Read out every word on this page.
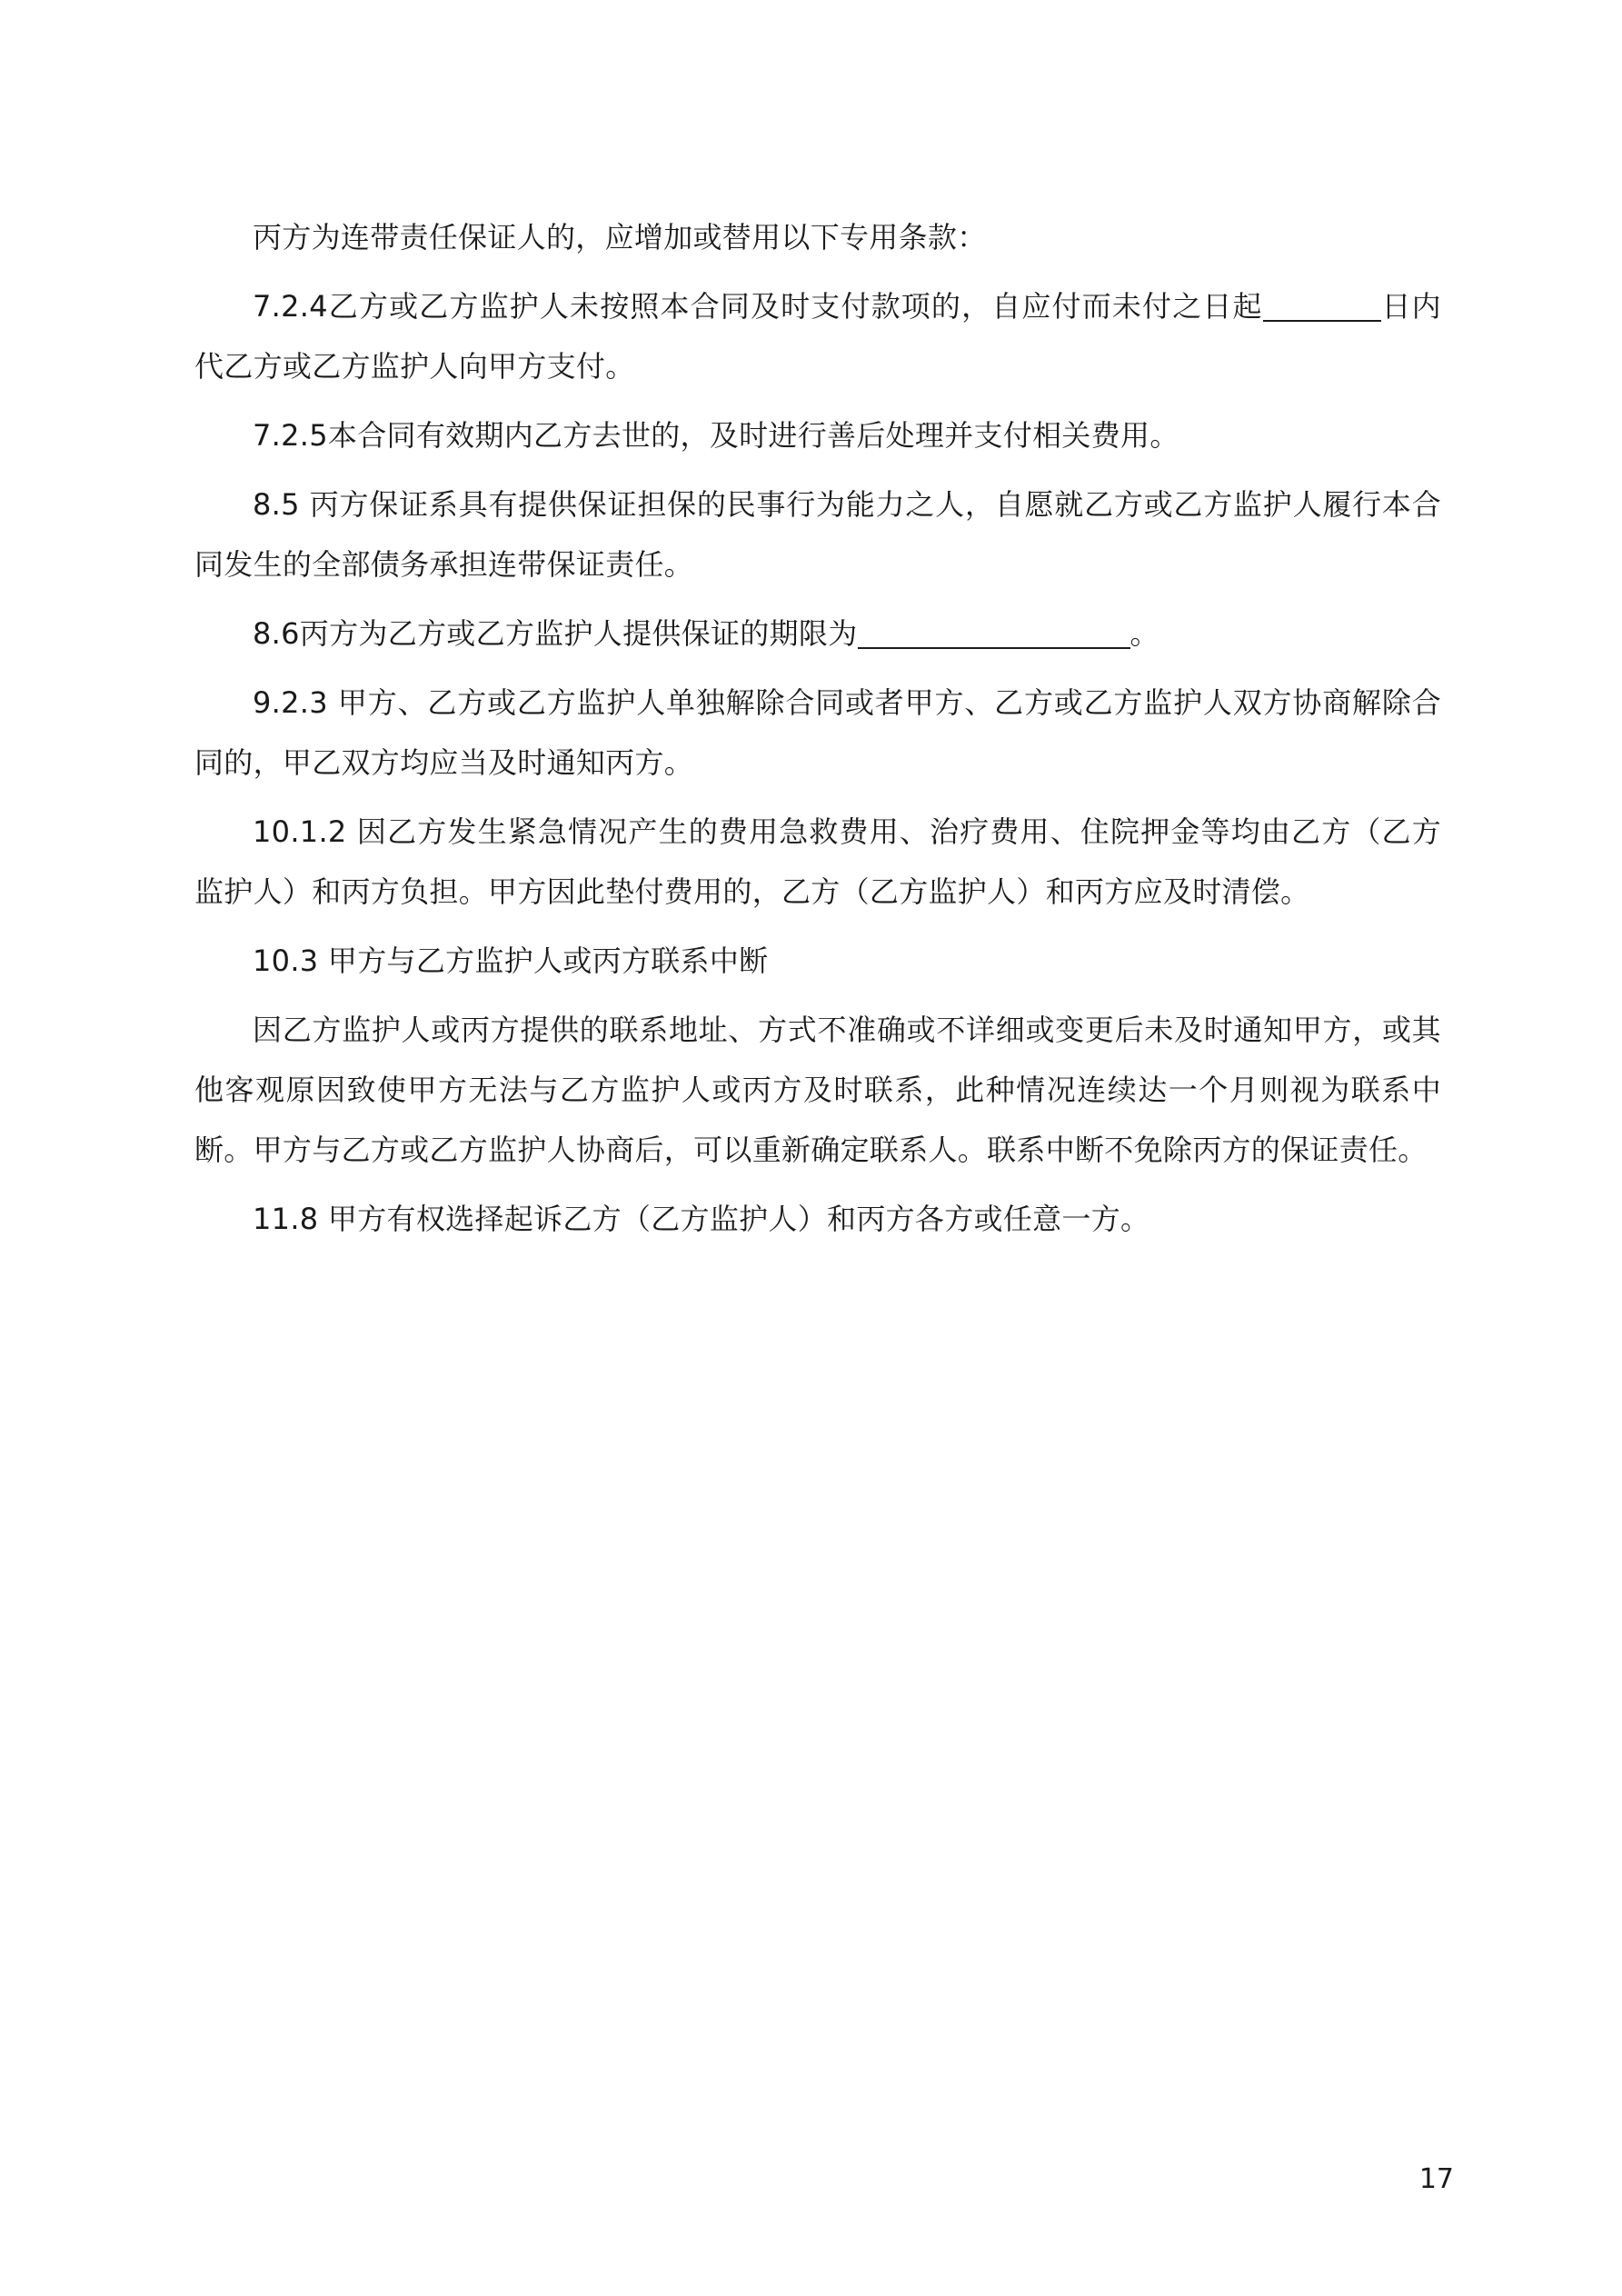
丙方为连带责任保证人的，应增加或替用以下专用条款：

7.2.4乙方或乙方监护人未按照本合同及时支付款项的，自应付而未付之日起	日内代乙方或乙方监护人向甲方支付。

7.2.5本合同有效期内乙方去世的，及时进行善后处理并支付相关费用。

8.5 丙方保证系具有提供保证担保的民事行为能力之人，自愿就乙方或乙方监护人履行本合同发生的全部债务承担连带保证责任。

8.6丙方为乙方或乙方监护人提供保证的期限为	。

9.2.3 甲方、乙方或乙方监护人单独解除合同或者甲方、乙方或乙方监护人双方协商解除合同的，甲乙双方均应当及时通知丙方。

10.1.2 因乙方发生紧急情况产生的费用急救费用、治疗费用、住院押金等均由乙方（乙方监护人）和丙方负担。甲方因此垫付费用的，乙方（乙方监护人）和丙方应及时清偿。

10.3 甲方与乙方监护人或丙方联系中断

因乙方监护人或丙方提供的联系地址、方式不准确或不详细或变更后未及时通知甲方，或其他客观原因致使甲方无法与乙方监护人或丙方及时联系，此种情况连续达一个月则视为联系中断。甲方与乙方或乙方监护人协商后，可以重新确定联系人。联系中断不免除丙方的保证责任。

11.8 甲方有权选择起诉乙方（乙方监护人）和丙方各方或任意一方。

17
